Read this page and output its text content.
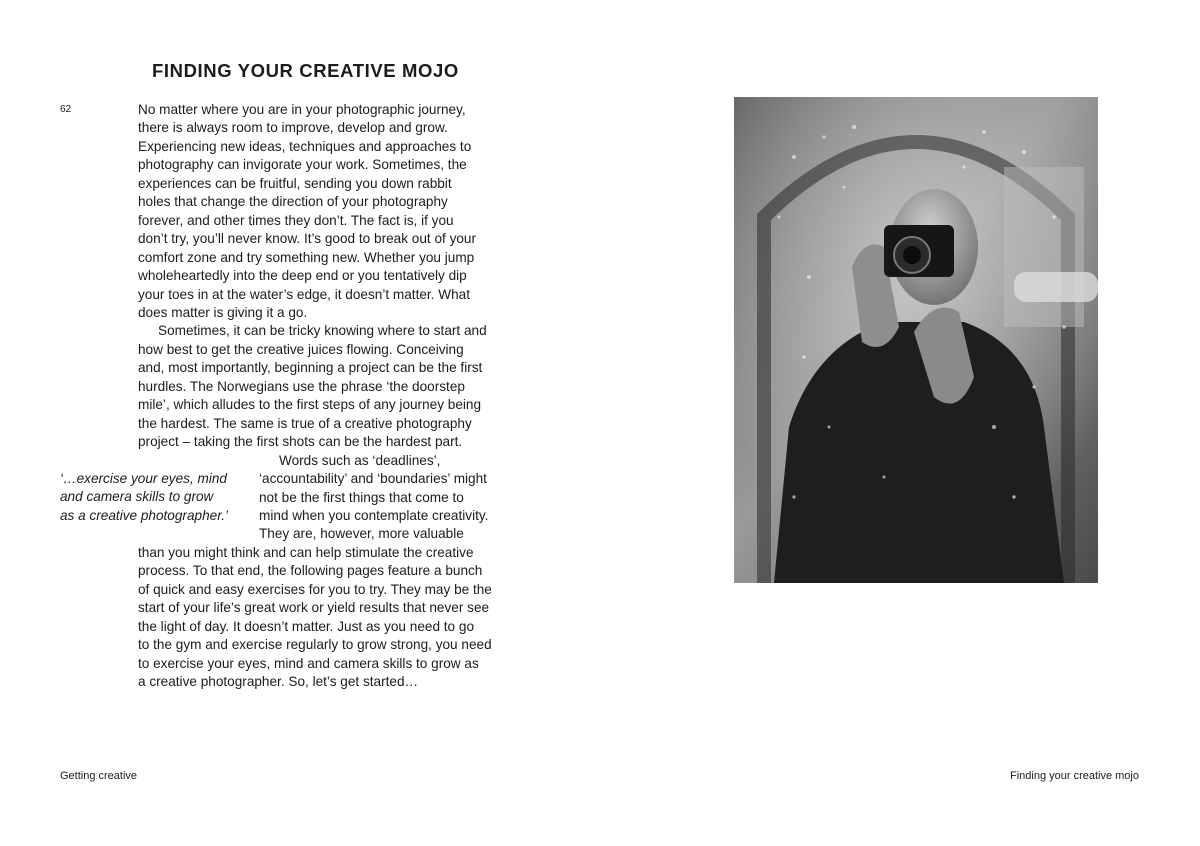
FINDING YOUR CREATIVE MOJO
62	No matter where you are in your photographic journey,
there is always room to improve, develop and grow.
Experiencing new ideas, techniques and approaches to
photography can invigorate your work. Sometimes, the
experiences can be fruitful, sending you down rabbit
holes that change the direction of your photography
forever, and other times they don’t. The fact is, if you
don’t try, you’ll never know. It’s good to break out of your
comfort zone and try something new. Whether you jump
wholeheartedly into the deep end or you tentatively dip
your toes in at the water’s edge, it doesn’t matter. What
does matter is giving it a go.
Sometimes, it can be tricky knowing where to start and
how best to get the creative juices flowing. Conceiving
and, most importantly, beginning a project can be the first
hurdles. The Norwegians use the phrase ‘the doorstep
mile’, which alludes to the first steps of any journey being
the hardest. The same is true of a creative photography
project – taking the first shots can be the hardest part.
Words such as ‘deadlines’,
‘accountability’ and ‘boundaries’ might
not be the first things that come to
mind when you contemplate creativity.
They are, however, more valuable
than you might think and can help stimulate the creative
process. To that end, the following pages feature a bunch
of quick and easy exercises for you to try. They may be the
start of your life’s great work or yield results that never see
the light of day. It doesn’t matter. Just as you need to go
to the gym and exercise regularly to grow strong, you need
to exercise your eyes, mind and camera skills to grow as
a creative photographer. So, let’s get started…
‘…exercise your eyes, mind
and camera skills to grow
as a creative photographer.’
Getting creative	Finding your creative mojo
